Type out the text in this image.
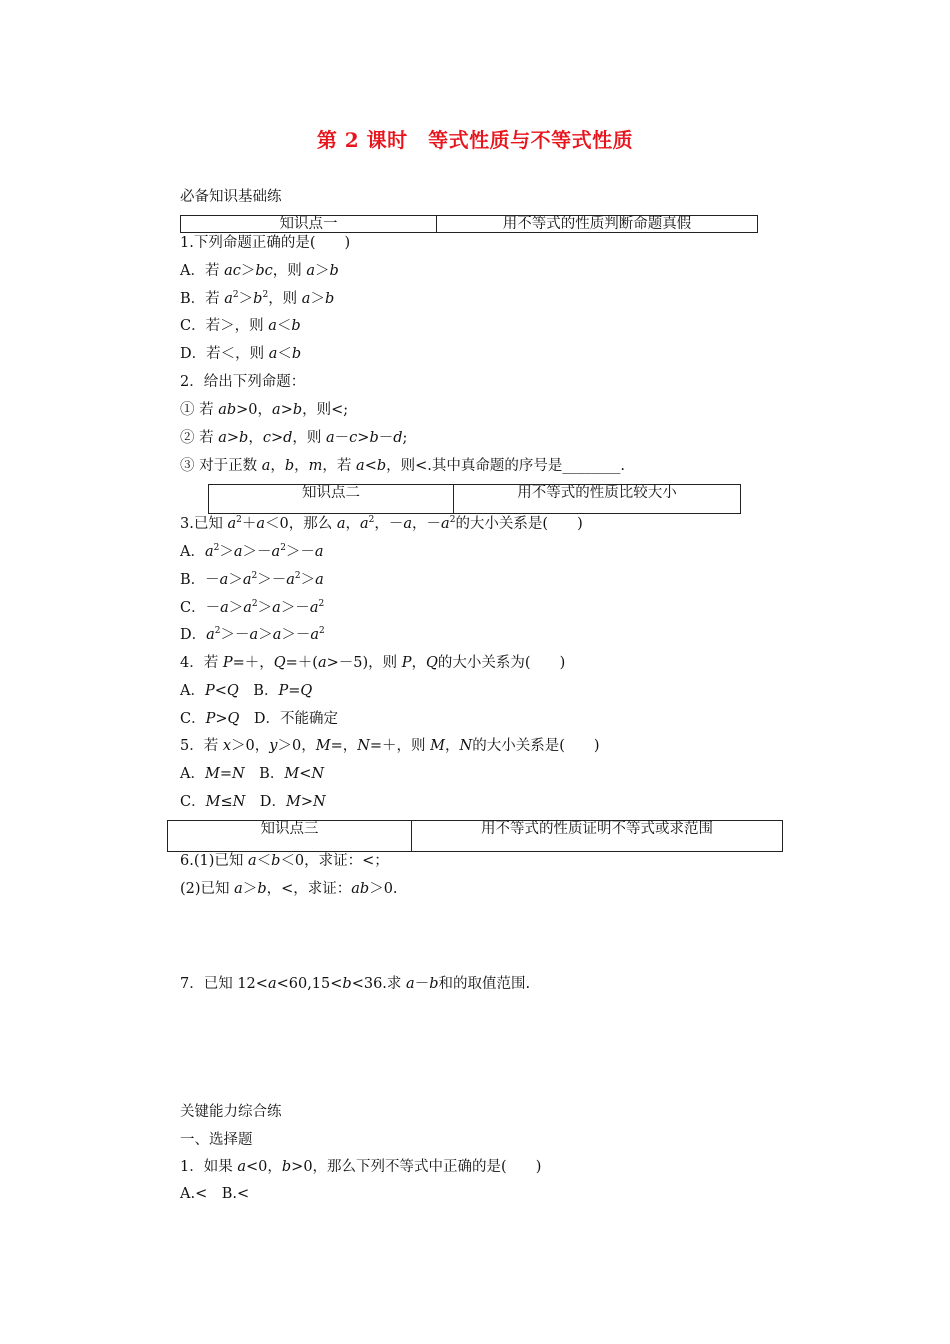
第 2 课时　等式性质与不等式性质
必备知识基础练
知识点一	用不等式的性质判断命题真假
1.下列命题正确的是(　　)
A．若 ac＞bc，则 a＞b
B．若 $a^2>b^2$，则 a＞b
C．若＞，则 a＜b
D．若＜，则 a＜b
2．给出下列命题：
① 若 ab>0，a>b，则<;
② 若 a>b，c>d，则 a－c>b－d;
③ 对于正数 a，b，m，若 a<b，则<.其中真命题的序号是________.
知识点二	用不等式的性质比较大小
3.已知 $a^2+a<0$，那么 a，$a^2$，－a，$-a^2$的大小关系是(　　)
A．$a^2>a>-a^2>-a$
B．$-a>a^2>-a^2>a$
C．$-a>a^2>a>-a^2$
D．$a^2>-a>a>-a^2$
4．若 P=＋，Q=＋(a>－5)，则 P，Q的大小关系为(　　)
A．P<Q　B．P=Q
C．P>Q　D．不能确定
5．若 x＞0，y＞0，M=，N=＋，则 M，N的大小关系是(　　)
A．M=N　B．M<N
C．M≤N　D．M>N
知识点三	用不等式的性质证明不等式或求范围
6.(1)已知 a＜b＜0，求证：<；
(2)已知 a＞b，<，求证：ab＞0.
7．已知 12<a<60,15<b<36.求 a－b和的取值范围.
关键能力综合练
一、选择题
1．如果 a<0，b>0，那么下列不等式中正确的是(　　)
A.<　B.<
